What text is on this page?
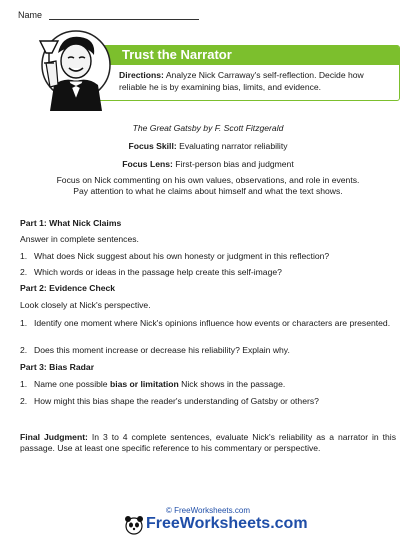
Name
Trust the Narrator
Directions: Analyze Nick Carraway's self-reflection. Decide how reliable he is by examining bias, limits, and evidence.
The Great Gatsby by F. Scott Fitzgerald
Focus Skill: Evaluating narrator reliability
Focus Lens: First-person bias and judgment
Focus on Nick commenting on his own values, observations, and role in events.
Pay attention to what he claims about himself and what the text shows.
Part 1: What Nick Claims
Answer in complete sentences.
1. What does Nick suggest about his own honesty or judgment in this reflection?
2. Which words or ideas in the passage help create this self-image?
Part 2: Evidence Check
Look closely at Nick's perspective.
1. Identify one moment where Nick's opinions influence how events or characters are presented.
2. Does this moment increase or decrease his reliability? Explain why.
Part 3: Bias Radar
1. Name one possible bias or limitation Nick shows in the passage.
2. How might this bias shape the reader's understanding of Gatsby or others?
Final Judgment: In 3 to 4 complete sentences, evaluate Nick's reliability as a narrator in this passage. Use at least one specific reference to his commentary or perspective.
© FreeWorksheets.com
FreeWorksheets.com
